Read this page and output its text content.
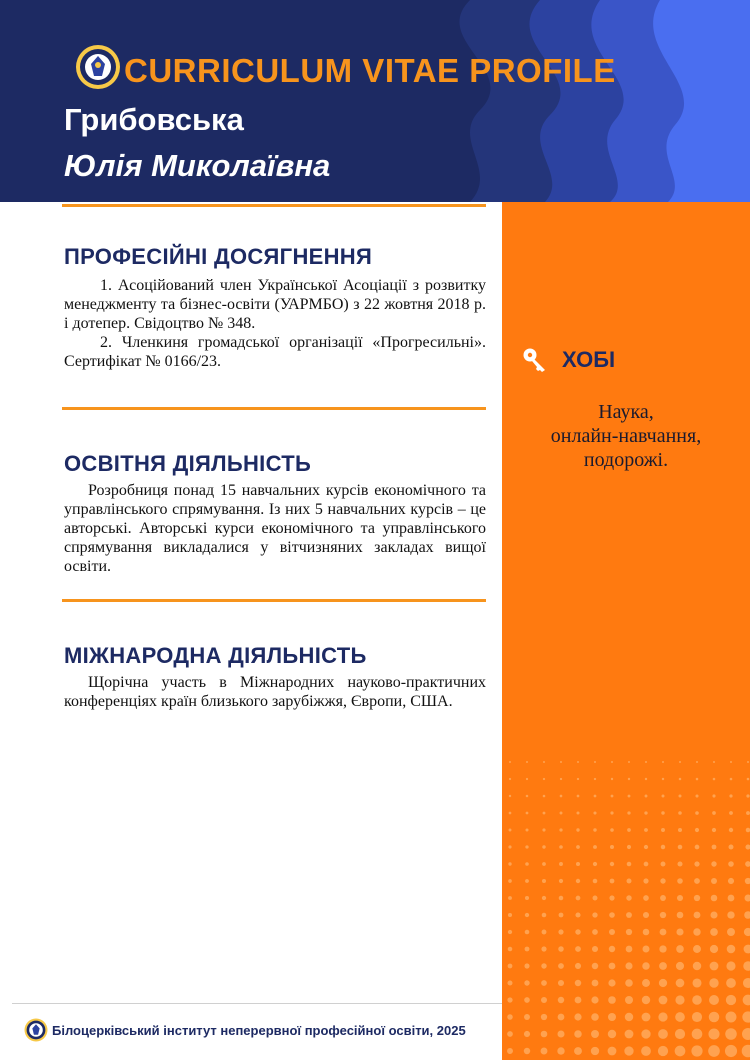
CURRICULUM VITAE PROFILE
Грибовська
Юлія Миколаївна
ХОБІ
Наука,
онлайн-навчання,
подорожі.
ПРОФЕСІЙНІ ДОСЯГНЕННЯ

1. Асоційований член Української Асоціації з розвитку менеджменту та бізнес-освіти (УАРМБО) з 22 жовтня 2018 р. і дотепер. Свідоцтво № 348.

2. Членкиня громадської організації «Прогресильні». Сертифікат № 0166/23.

ОСВІТНЯ ДІЯЛЬНІСТЬ

Розробниця понад 15 навчальних курсів економічного та управлінського спрямування. Із них 5 навчальних курсів – це авторські. Авторські курси економічного та управлінського спрямування викладалися у вітчизняних закладах вищої освіти.

МІЖНАРОДНА ДІЯЛЬНІСТЬ

Щорічна участь в Міжнародних науково-практичних конференціях країн близького зарубіжжя, Європи, США.

Білоцерківський інститут неперервної професійної освіти, 2025
